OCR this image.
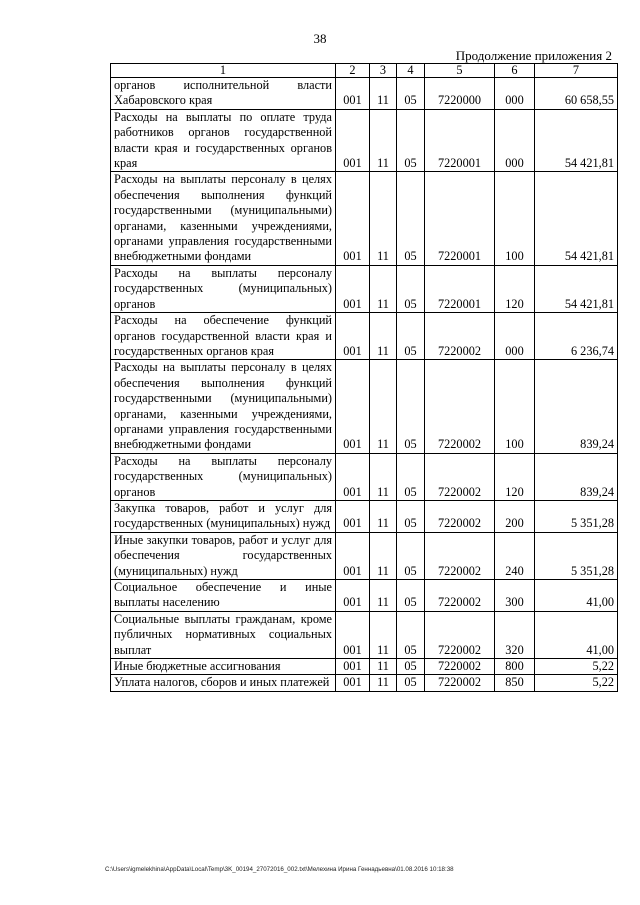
38
Продолжение приложения 2
1	2	3	4	5	6	7
органов исполнительной власти Хабаровского края	001	11	05	7220000	000	60 658,55
Расходы на выплаты по оплате труда работников органов государственной власти края и государственных органов края	001	11	05	7220001	000	54 421,81
Расходы на выплаты персоналу в целях обеспечения выполнения функций государственными (муниципальными) органами, казенными учреждениями, органами управления государственными внебюджетными фондами	001	11	05	7220001	100	54 421,81
Расходы на выплаты персоналу государственных (муниципальных) органов	001	11	05	7220001	120	54 421,81
Расходы на обеспечение функций органов государственной власти края и государственных органов края	001	11	05	7220002	000	6 236,74
Расходы на выплаты персоналу в целях обеспечения выполнения функций государственными (муниципальными) органами, казенными учреждениями, органами управления государственными внебюджетными фондами	001	11	05	7220002	100	839,24
Расходы на выплаты персоналу государственных (муниципальных) органов	001	11	05	7220002	120	839,24
Закупка товаров, работ и услуг для государственных (муниципальных) нужд	001	11	05	7220002	200	5 351,28
Иные закупки товаров, работ и услуг для обеспечения государственных (муниципальных) нужд	001	11	05	7220002	240	5 351,28
Социальное обеспечение и иные выплаты населению	001	11	05	7220002	300	41,00
Социальные выплаты гражданам, кроме публичных нормативных социальных выплат	001	11	05	7220002	320	41,00
Иные бюджетные ассигнования	001	11	05	7220002	800	5,22
Уплата налогов, сборов и иных платежей	001	11	05	7220002	850	5,22
C:\Users\igmelekhina\AppData\Local\Temp\3K_00194_27072016_002.txt\Мелехина Ирина Геннадьевна\01.08.2016 10:18:38
